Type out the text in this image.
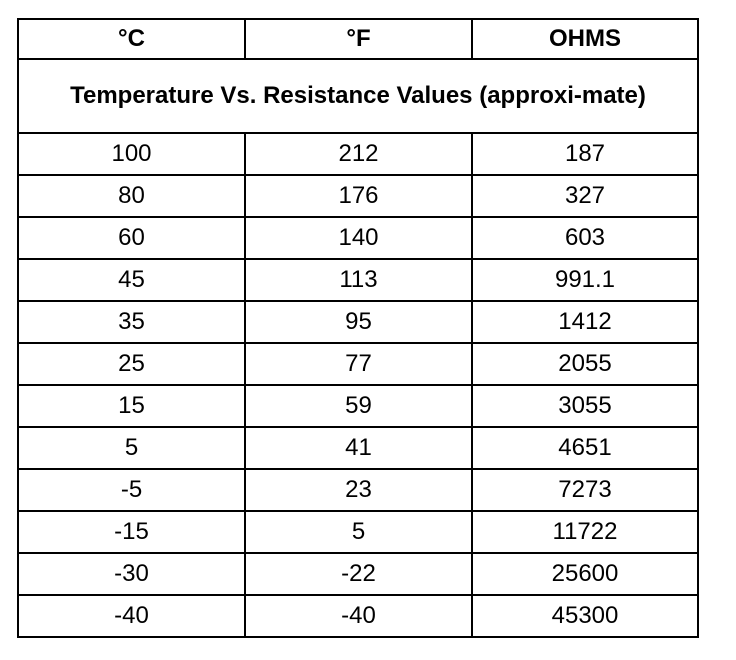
°C	°F	OHMS
Temperature Vs. Resistance Values (approxi-mate)		
100	212	187
80	176	327
60	140	603
45	113	991.1
35	95	1412
25	77	2055
15	59	3055
5	41	4651
-5	23	7273
-15	5	11722
-30	-22	25600
-40	-40	45300
